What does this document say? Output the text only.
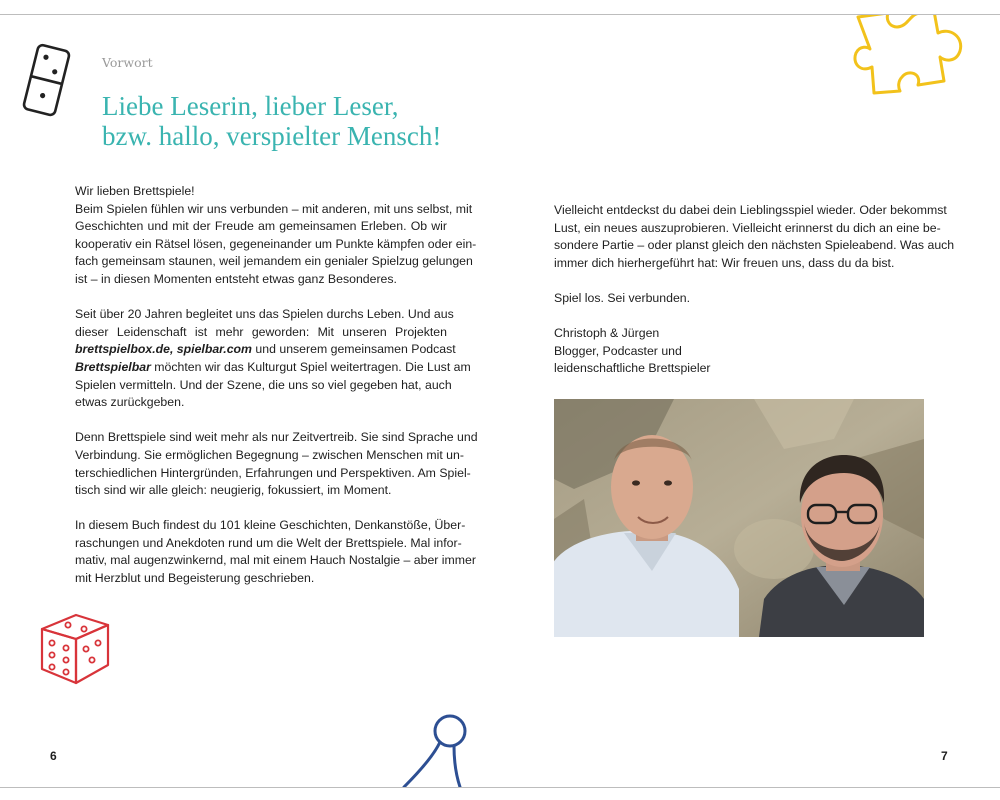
Vorwort
Liebe Leserin, lieber Leser,
bzw. hallo, verspielter Mensch!

Wir lieben Brettspiele!
Beim Spielen fühlen wir uns verbunden – mit anderen, mit uns selbst, mit
Geschichten und mit der Freude am gemeinsamen Erleben. Ob wir
kooperativ ein Rätsel lösen, gegeneinander um Punkte kämpfen oder ein-
fach gemeinsam staunen, weil jemandem ein genialer Spielzug gelungen
ist – in diesen Momenten entsteht etwas ganz Besonderes.

Seit über 20 Jahren begleitet uns das Spielen durchs Leben. Und aus
dieser Leidenschaft ist mehr geworden: Mit unseren Projekten
brettspielbox.de, spielbar.com und unserem gemeinsamen Podcast
Brettspielbar möchten wir das Kulturgut Spiel weitertragen. Die Lust am
Spielen vermitteln. Und der Szene, die uns so viel gegeben hat, auch
etwas zurückgeben.

Denn Brettspiele sind weit mehr als nur Zeitvertreib. Sie sind Sprache und
Verbindung. Sie ermöglichen Begegnung – zwischen Menschen mit un-
terschiedlichen Hintergründen, Erfahrungen und Perspektiven. Am Spiel-
tisch sind wir alle gleich: neugierig, fokussiert, im Moment.

In diesem Buch findest du 101 kleine Geschichten, Denkanstöße, Über-
raschungen und Anekdoten rund um die Welt der Brettspiele. Mal infor-
mativ, mal augenzwinkernd, mal mit einem Hauch Nostalgie – aber immer
mit Herzblut und Begeisterung geschrieben.

6

Vielleicht entdeckst du dabei dein Lieblingsspiel wieder. Oder bekommst
Lust, ein neues auszuprobieren. Vielleicht erinnerst du dich an eine be-
sondere Partie – oder planst gleich den nächsten Spieleabend. Was auch
immer dich hierhergeführt hat: Wir freuen uns, dass du da bist.

Spiel los. Sei verbunden.

Christoph & Jürgen
Blogger, Podcaster und
leidenschaftliche Brettspieler

7
